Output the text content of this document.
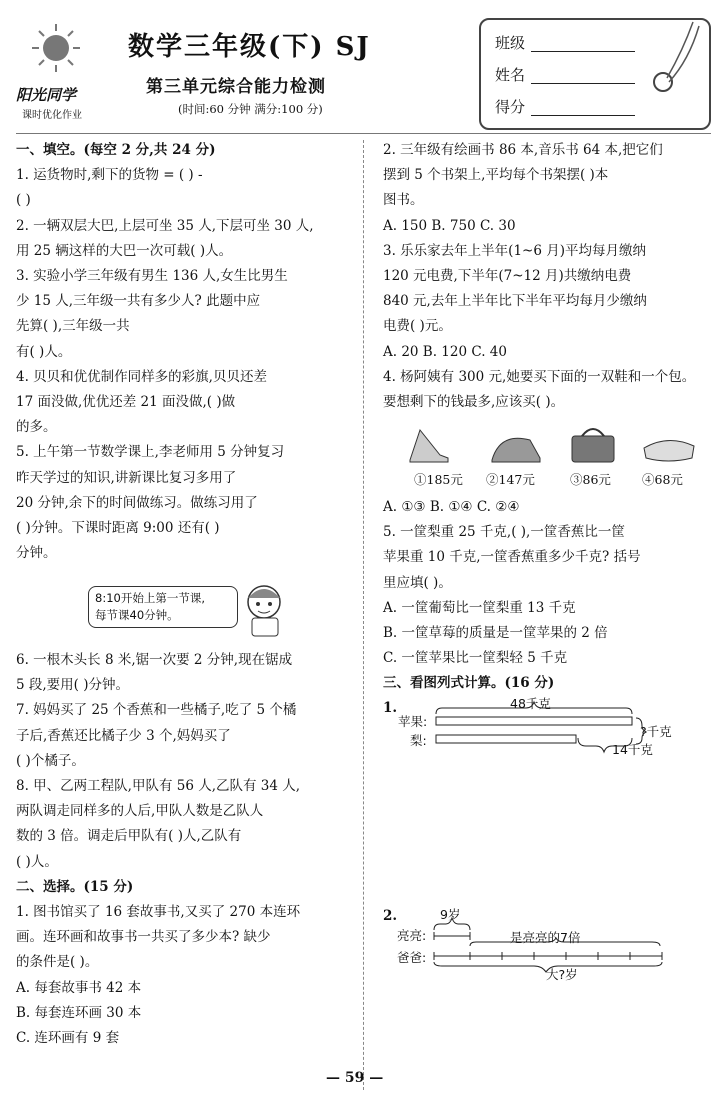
阳光同学
课时优化作业
数学三年级(下) SJ
第三单元综合能力检测
(时间:60 分钟 满分:100 分)
班级
姓名
得分
一、填空。(每空 2 分,共 24 分)
1. 运货物时,剩下的货物 = ( ) -
( )
2. 一辆双层大巴,上层可坐 35 人,下层可坐 30 人,
用 25 辆这样的大巴一次可载( )人。
3. 实验小学三年级有男生 136 人,女生比男生
少 15 人,三年级一共有多少人? 此题中应
先算( ),三年级一共
有( )人。
4. 贝贝和优优制作同样多的彩旗,贝贝还差
17 面没做,优优还差 21 面没做,( )做
的多。
5. 上午第一节数学课上,李老师用 5 分钟复习
昨天学过的知识,讲新课比复习多用了
20 分钟,余下的时间做练习。做练习用了
( )分钟。下课时距离 9:00 还有( )
分钟。
6. 一根木头长 8 米,锯一次要 2 分钟,现在锯成
5 段,要用( )分钟。
7. 妈妈买了 25 个香蕉和一些橘子,吃了 5 个橘
子后,香蕉还比橘子少 3 个,妈妈买了
( )个橘子。
8. 甲、乙两工程队,甲队有 56 人,乙队有 34 人,
两队调走同样多的人后,甲队人数是乙队人
数的 3 倍。调走后甲队有( )人,乙队有
( )人。
二、选择。(15 分)
1. 图书馆买了 16 套故事书,又买了 270 本连环
画。连环画和故事书一共买了多少本? 缺少
的条件是( )。
A. 每套故事书 42 本
B. 每套连环画 30 本
C. 连环画有 9 套
8:10开始上第一节课,
每节课40分钟。
2. 三年级有绘画书 86 本,音乐书 64 本,把它们
摆到 5 个书架上,平均每个书架摆( )本
图书。
A. 150 B. 750 C. 30
3. 乐乐家去年上半年(1~6 月)平均每月缴纳
120 元电费,下半年(7~12 月)共缴纳电费
840 元,去年上半年比下半年平均每月少缴纳
电费( )元。
A. 20 B. 120 C. 40
4. 杨阿姨有 300 元,她要买下面的一双鞋和一个包。
要想剩下的钱最多,应该买( )。
A. ①③ B. ①④ C. ②④
5. 一筐梨重 25 千克,( ),一筐香蕉比一筐
苹果重 10 千克,一筐香蕉重多少千克? 括号
里应填( )。
A. 一筐葡萄比一筐梨重 13 千克
B. 一筐草莓的质量是一筐苹果的 2 倍
C. 一筐苹果比一筐梨轻 5 千克
三、看图列式计算。(16 分)
①185元 ②147元	③86元 ④68元
1.
苹果:
梨:
48千克
14千克
?千克
2.
亮亮:
爸爸:
9岁
是亮亮的7倍
大?岁
— 59 —
